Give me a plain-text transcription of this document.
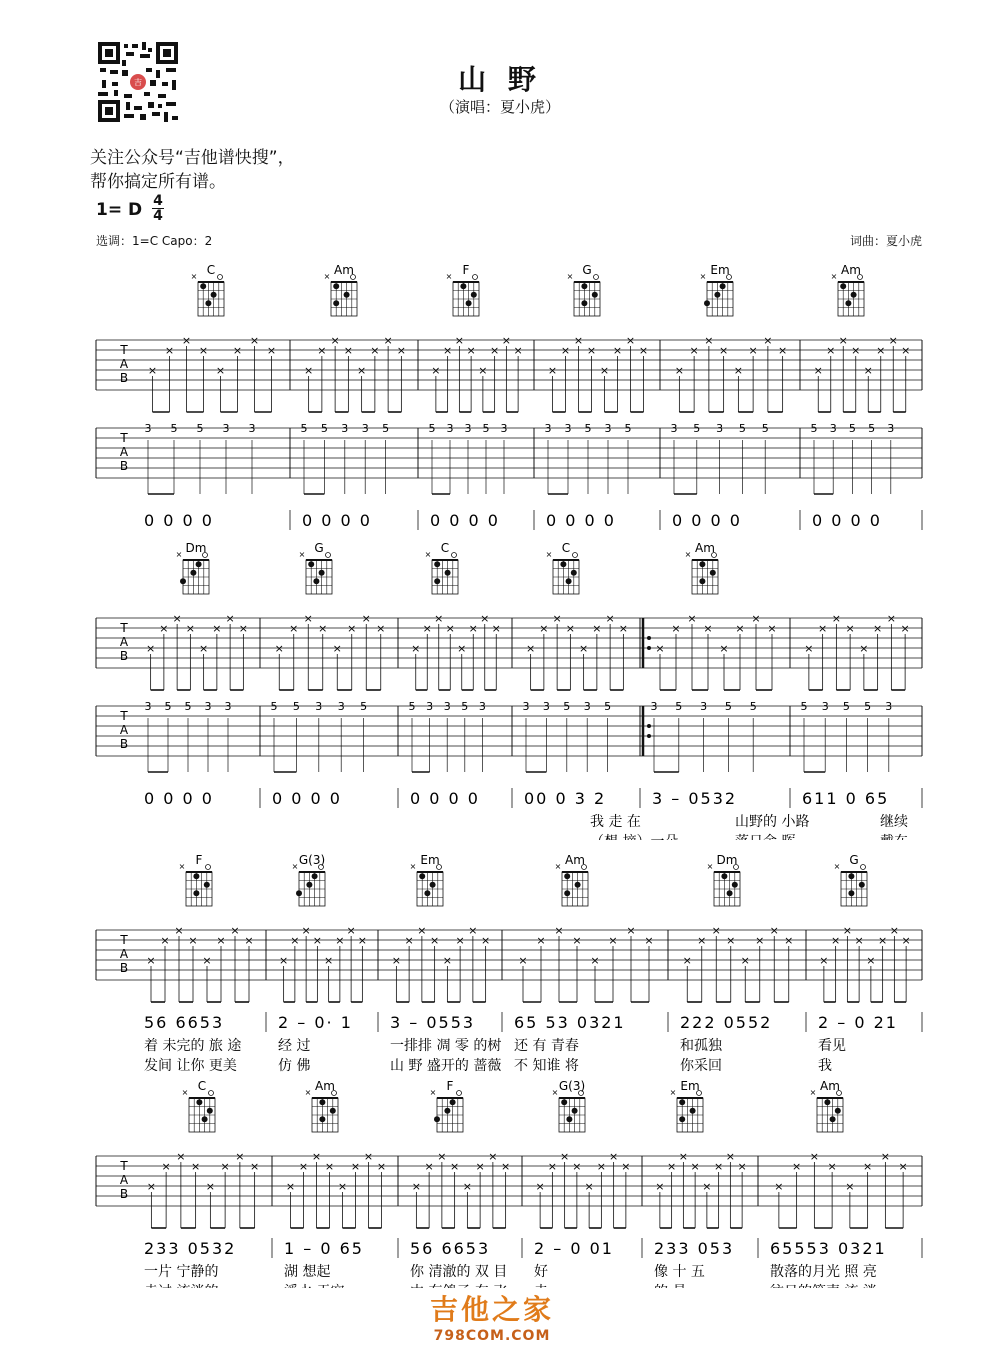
吉	山 野
（演唱：夏小虎）
关注公众号“吉他谱快搜”，
帮你搞定所有谱。
1= D 4
4
选调：1=C Capo：2	词曲：夏小虎
C
×	Am
×	F
×	G
×	Em
×	Am
×
T
A
B
×
×
×
×
×
×
×
×
×
×
×
×
×
×
×
×
×
×
×
×
×
×
×
×
×
×
×
×
×
×
×
×
×
×
×
×
×
×
×
×
×
×
×
×
×
×
×
×
T
A
B
3 5 5 3 3	5 5 3 3 5	5 3 3 5 3	3 3 5 3 5	3 5 3 5 5	5 3 5 5 3
0 0 0 0	0 0 0 0	0 0 0 0	0 0 0 0	0 0 0 0	0 0 0 0
Dm
×	G
×	C
×	C
×	Am
×
T
A
B
×
×
×
×
×
×
×
×
×
×
×
×
×
×
×
×
×
×
×
×
×
×
×
×
×
×
×
×
×
×
×
×
×
×
×
×
×
×
×
×
×
×
×
×
×
×
×
×
T
A
B
3 5 5 3 3	5 5 3 3 5	5 3 3 5 3	3 3 5 3 5	3 5 3 5 5	5 3 5 5 3
0 0 0 0	0 0 0 0	0 0 0 0	00 0 3 2	3 – 0532	611 0 65
我 走 在	山野的 小路	继续
F
×	G(3)
×	Em
×	Am
×	Dm
×	G
×
T
A
B
×
×
×
×
×
×
×
×
×
×
×
×
×
×
×
×
×
×
×
×
×
×
×
×
×
×
×
×
×
×
×
×
×
×
×
×
×
×
×
×
×
×
×
×
×
×
×
×
56 6653	2 – 0· 1 3 – 0553 65 53 0321	222 0552	2 – 0 21
着 未完的 旅 途	经 过	一排排 凋 零 的树 还 有 青春	和孤独	看见
发间 让你 更美	仿 佛	山 野 盛开的 蔷薇 不 知谁 将	你采回	我
C
×	Am
×	F
×	G(3)
×	Em
×	Am
×
T
A
B
×
×
×
×
×
×
×
×
×
×
×
×
×
×
×
×
×
×
×
×
×
×
×
×
×
×
×
×
×
×
×
×
×
×
×
×
×
×
×
×
×
×
×
×
×
×
×
×
233 0532	1 – 0 65	56 6653	2 – 0 01	233 053 65553 0321
一片 宁静的	湖 想起	你 清澈的 双 目 好	像 十 五	散落的月光 照 亮
吉他之家
798COM.COM
